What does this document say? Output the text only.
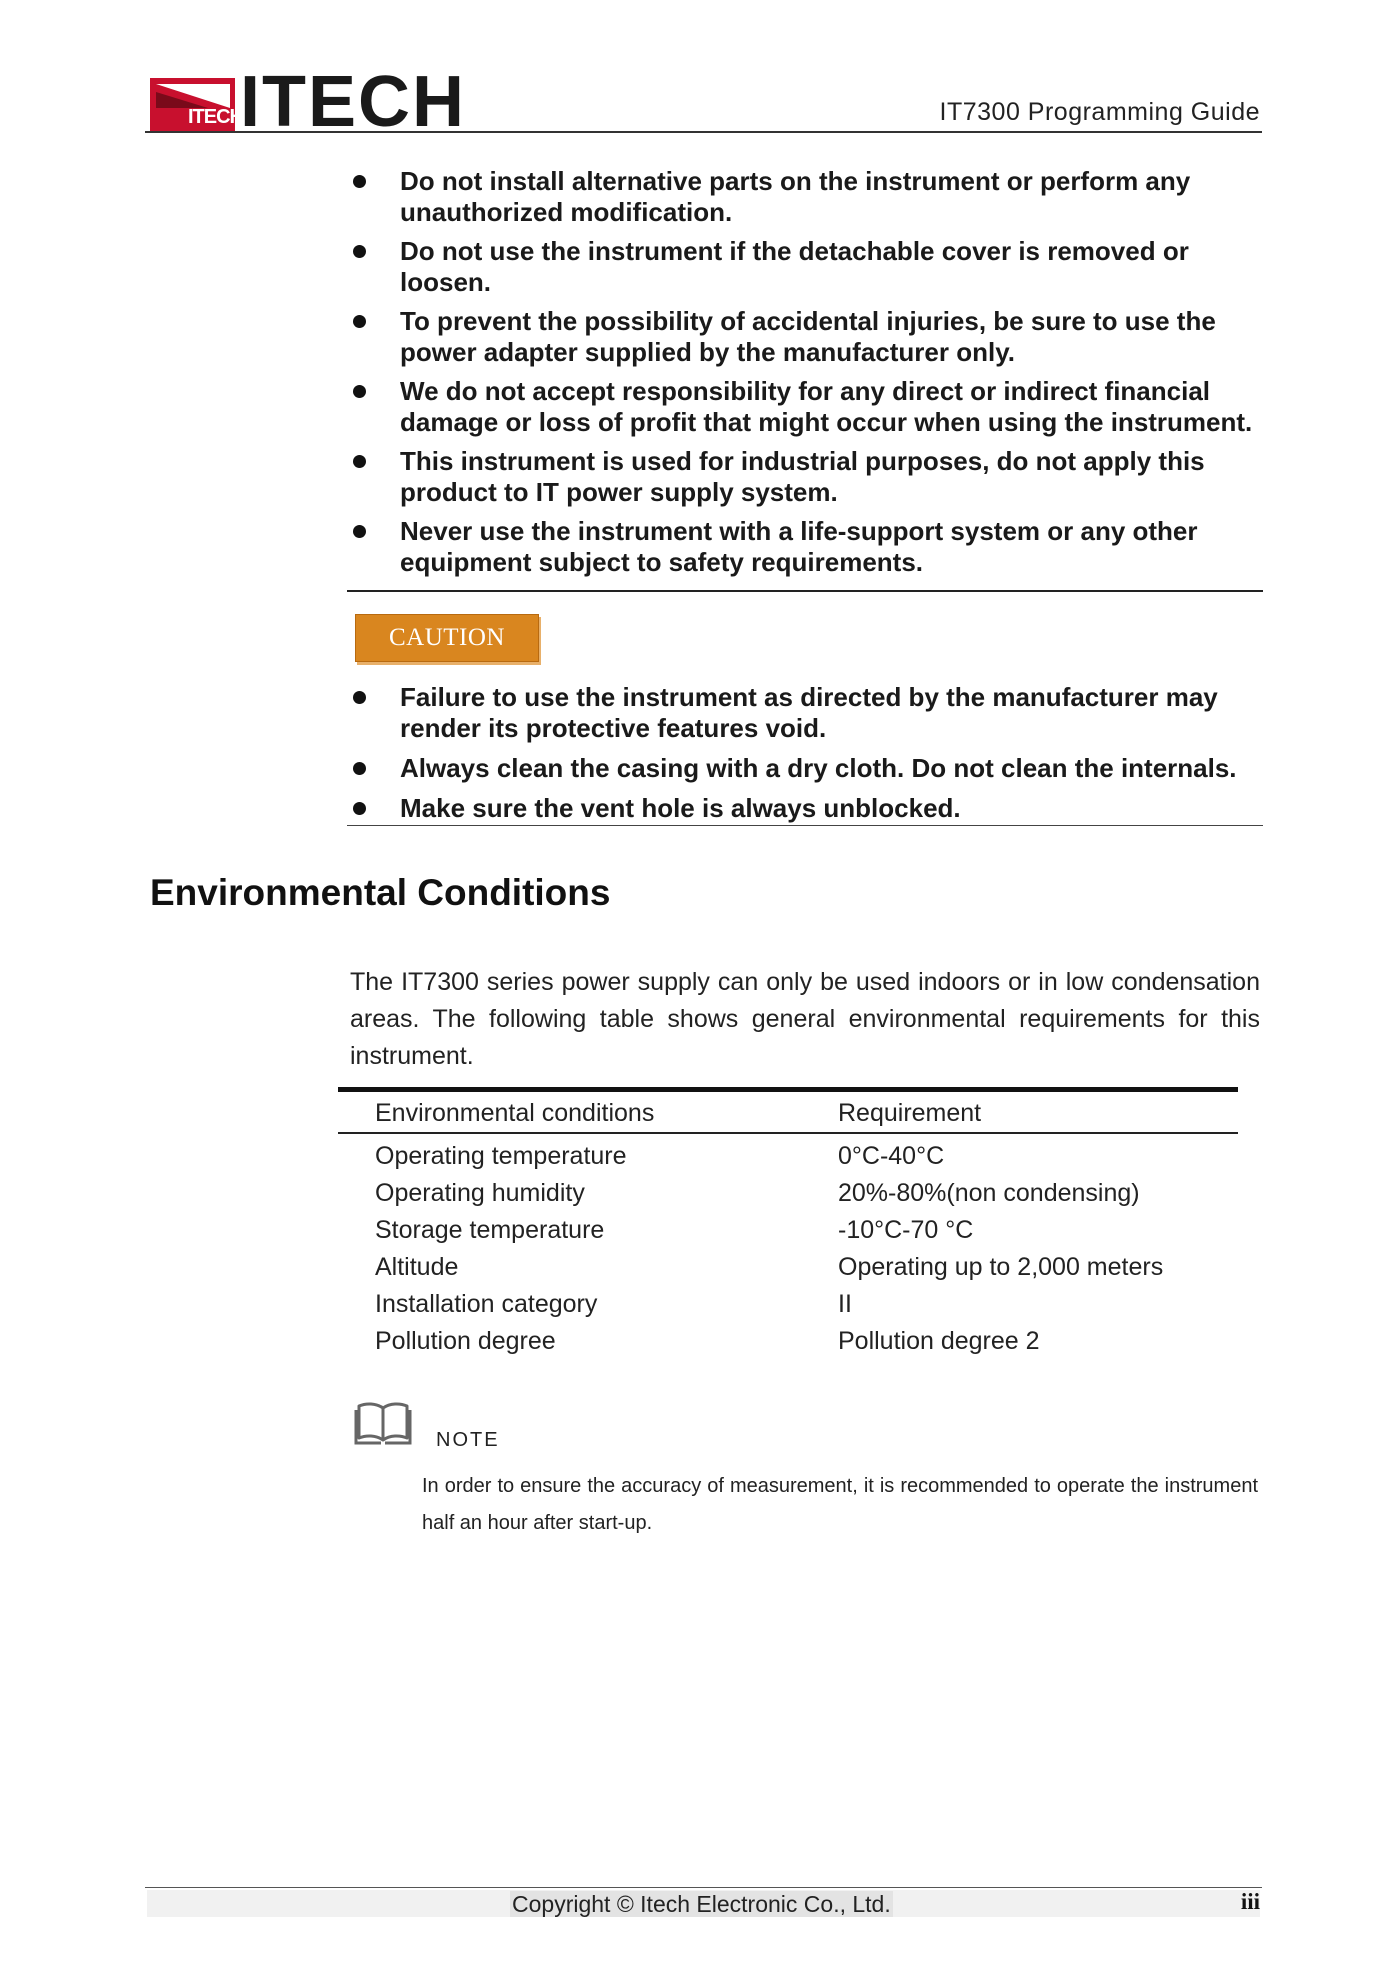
ITECH
ITECH	IT7300 Programming Guide
Do not install alternative parts on the instrument or perform any unauthorized modification.
Do not use the instrument if the detachable cover is removed or loosen.
To prevent the possibility of accidental injuries, be sure to use the power adapter supplied by the manufacturer only.
We do not accept responsibility for any direct or indirect financial damage or loss of profit that might occur when using the instrument.
This instrument is used for industrial purposes, do not apply this product to IT power supply system.
Never use the instrument with a life-support system or any other equipment subject to safety requirements.
CAUTION
Failure to use the instrument as directed by the manufacturer may render its protective features void.
Always clean the casing with a dry cloth. Do not clean the internals.
Make sure the vent hole is always unblocked.
Environmental Conditions
The IT7300 series power supply can only be used indoors or in low condensation areas. The following table shows general environmental requirements for this instrument.
Environmental conditions	Requirement
Operating temperature	0°C-40°C
Operating humidity	20%-80%(non condensing)
Storage temperature	-10°C-70 °C
Altitude	Operating up to 2,000 meters
Installation category	II
Pollution degree	Pollution degree 2
NOTE
In order to ensure the accuracy of measurement, it is recommended to operate the instrument half an hour after start-up.
Copyright © Itech Electronic Co., Ltd.	iii
